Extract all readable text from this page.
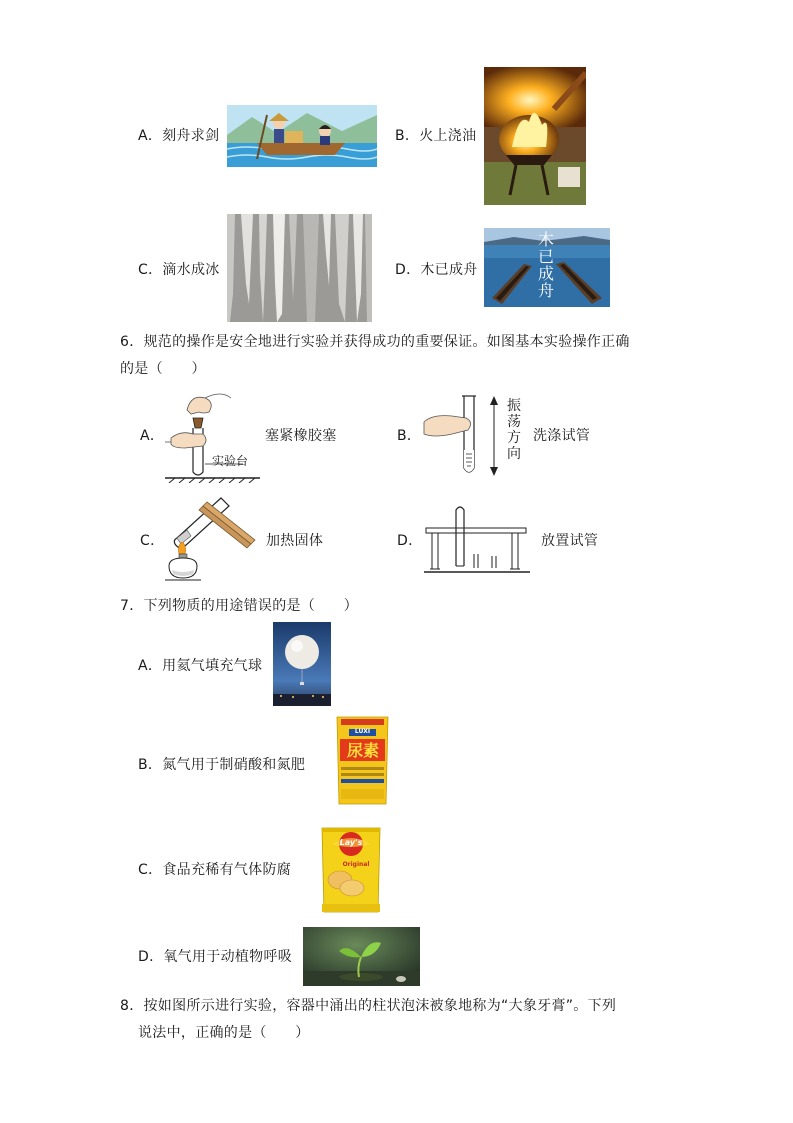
A．刻舟求剑	B．火上浇油
C．滴水成冰	D．木已成舟
木
已
成
舟
6．规范的操作是安全地进行实验并获得成功的重要保证。如图基本实验操作正确
的是（　　）
A．
实验台
塞紧橡胶塞	B．
振
荡
方
向
洗涤试管
C．	加热固体	D．	放置试管
7．下列物质的用途错误的是（　　）
A．用氦气填充气球
B．氮气用于制硝酸和氮肥
LUXI
尿素
C．食品充稀有气体防腐
Lay's
Original
D．氧气用于动植物呼吸
8．按如图所示进行实验，容器中涌出的柱状泡沫被象地称为“大象牙膏”。下列
说法中，正确的是（　　）
